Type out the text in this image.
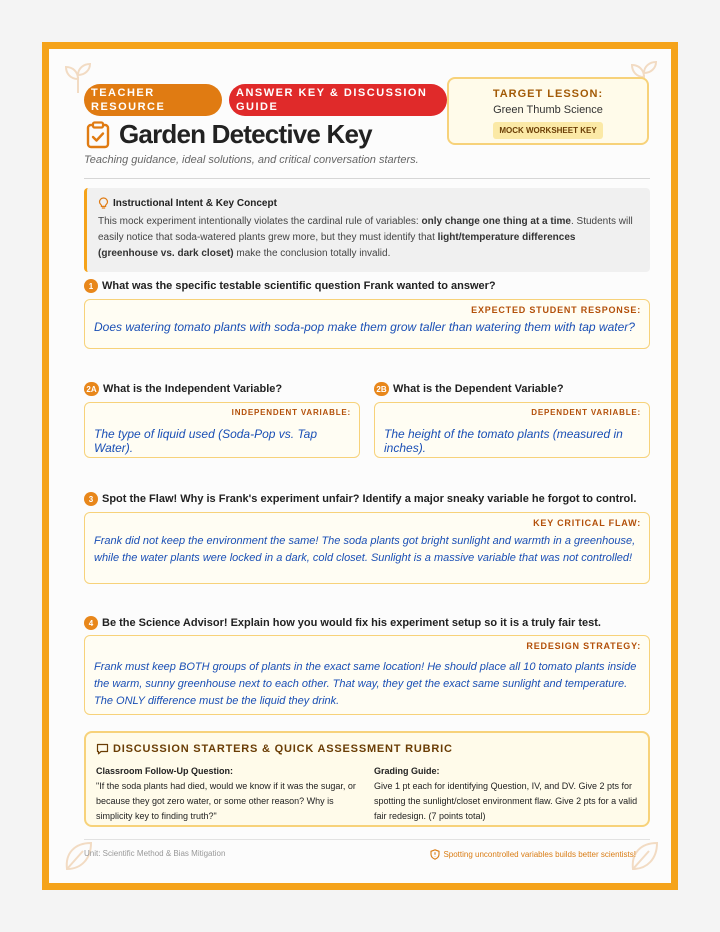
TEACHER RESOURCE
ANSWER KEY & DISCUSSION GUIDE
TARGET LESSON:
Green Thumb Science
MOCK WORKSHEET KEY
Garden Detective Key
Teaching guidance, ideal solutions, and critical conversation starters.
Instructional Intent & Key Concept
This mock experiment intentionally violates the cardinal rule of variables: only change one thing at a time. Students will easily notice that soda-watered plants grew more, but they must identify that light/temperature differences (greenhouse vs. dark closet) make the conclusion totally invalid.
1 What was the specific testable scientific question Frank wanted to answer?
EXPECTED STUDENT RESPONSE:
Does watering tomato plants with soda-pop make them grow taller than watering them with tap water?
2A What is the Independent Variable?
INDEPENDENT VARIABLE:
The type of liquid used (Soda-Pop vs. Tap Water).
2B What is the Dependent Variable?
DEPENDENT VARIABLE:
The height of the tomato plants (measured in inches).
3 Spot the Flaw! Why is Frank's experiment unfair? Identify a major sneaky variable he forgot to control.
KEY CRITICAL FLAW:
Frank did not keep the environment the same! The soda plants got bright sunlight and warmth in a greenhouse, while the water plants were locked in a dark, cold closet. Sunlight is a massive variable that was not controlled!
4 Be the Science Advisor! Explain how you would fix his experiment setup so it is a truly fair test.
REDESIGN STRATEGY:
Frank must keep BOTH groups of plants in the exact same location! He should place all 10 tomato plants inside the warm, sunny greenhouse next to each other. That way, they get the exact same sunlight and temperature. The ONLY difference must be the liquid they drink.
DISCUSSION STARTERS & QUICK ASSESSMENT RUBRIC
Classroom Follow-Up Question:
"If the soda plants had died, would we know if it was the sugar, or because they got zero water, or some other reason? Why is simplicity key to finding truth?"
Grading Guide:
Give 1 pt each for identifying Question, IV, and DV. Give 2 pts for spotting the sunlight/closet environment flaw. Give 2 pts for a valid fair redesign. (7 points total)
Unit: Scientific Method & Bias Mitigation	Spotting uncontrolled variables builds better scientists!
